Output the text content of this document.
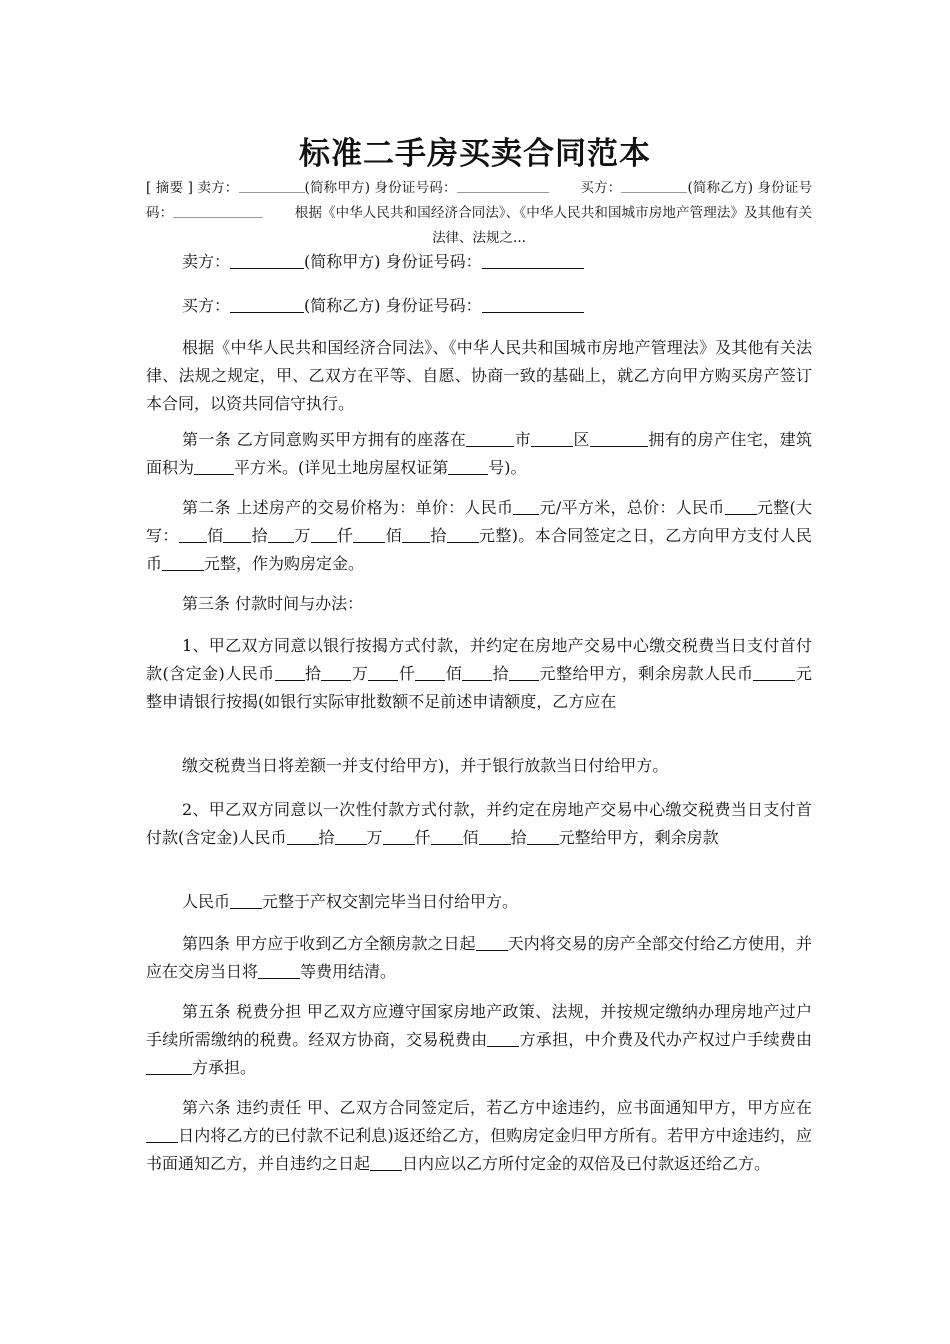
标准二手房买卖合同范本
[ 摘要 ] 卖方：	(简称甲方) 身份证号码：   	买方：	(简称乙方) 身份证号码：   	根据《中华人民共和国经济合同法》、《中华人民共和国城市房地产管理法》及其他有关法律、法规之...
卖方：	(简称甲方) 身份证号码：
买方：	(简称乙方) 身份证号码：
根据《中华人民共和国经济合同法》、《中华人民共和国城市房地产管理法》及其他有关法律、法规之规定，甲、乙双方在平等、自愿、协商一致的基础上，就乙方向甲方购买房产签订本合同，以资共同信守执行。
第一条 乙方同意购买甲方拥有的座落在	市	区	拥有的房产住宅，建筑面积为	平方米。(详见土地房屋权证第	号)。
第二条 上述房产的交易价格为：单价：人民币 元/平方米，总价：人民币 元整(大写： 佰 拾 万 仟 佰 拾 元整)。本合同签定之日，乙方向甲方支付人民币	元整，作为购房定金。
第三条 付款时间与办法：
1、甲乙双方同意以银行按揭方式付款，并约定在房地产交易中心缴交税费当日支付首付款(含定金)人民币 拾 万 仟 佰 拾 元整给甲方，剩余房款人民币	元整申请银行按揭(如银行实际审批数额不足前述申请额度，乙方应在
缴交税费当日将差额一并支付给甲方)，并于银行放款当日付给甲方。
2、甲乙双方同意以一次性付款方式付款，并约定在房地产交易中心缴交税费当日支付首付款(含定金)人民币 拾 万 仟 佰 拾 元整给甲方，剩余房款
人民币 元整于产权交割完毕当日付给甲方。
第四条 甲方应于收到乙方全额房款之日起 天内将交易的房产全部交付给乙方使用，并应在交房当日将	等费用结清。
第五条 税费分担 甲乙双方应遵守国家房地产政策、法规，并按规定缴纳办理房地产过户手续所需缴纳的税费。经双方协商，交易税费由 方承担，中介费及代办产权过户手续费由方承担。
第六条 违约责任 甲、乙双方合同签定后，若乙方中途违约，应书面通知甲方，甲方应在日内将乙方的已付款不记利息)返还给乙方，但购房定金归甲方所有。若甲方中途违约，应书面通知乙方，并自违约之日起 日内应以乙方所付定金的双倍及已付款返还给乙方。
